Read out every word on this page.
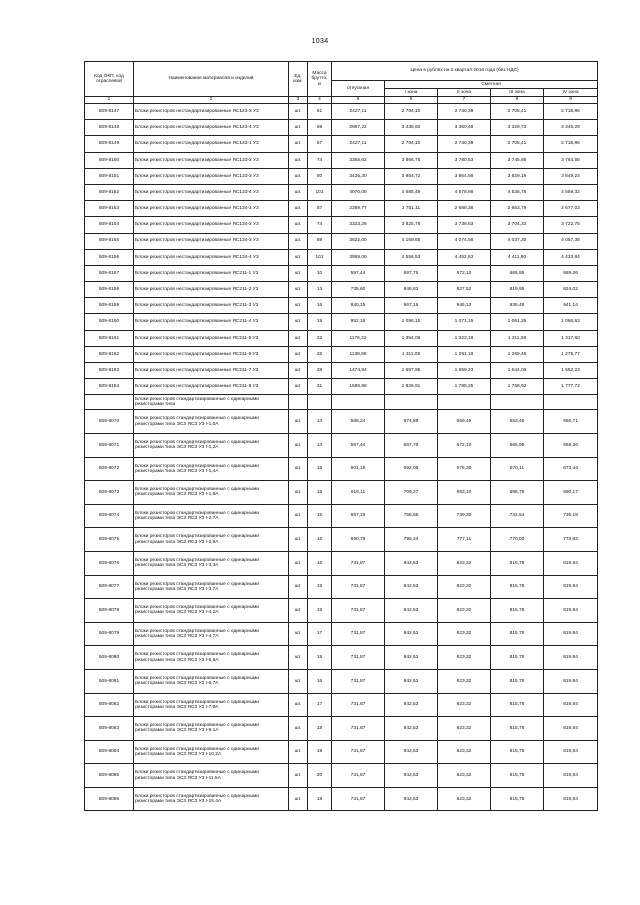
1034
Код ОКП, код отраслевой	Наименование материалов и изделий	Ед. изм.	Масса брутто, кг	Цена в рублях на 1 квартал 2016 года (без НДС)				
				отпускная	Сметная			
					I зона	II зона	III зона	IV зона
1	2	3	4	5	6	7	8	9
509-8147	Блоки резисторов нестандартизированные ЯС123-3 У3	шт.	61	2427,11	2 794,10	2 730,39	2 705,41	2 718,86
509-8148	Блоки резисторов нестандартизированные ЯС123-4 У3	шт.	69	2967,22	3 438,60	3 360,48	3 329,73	3 346,29
509-8149	Блоки резисторов нестандартизированные ЯС133-1 У3	шт.	57	2427,11	2 794,10	2 730,39	2 705,41	2 718,86
509-8150	Блоки резисторов нестандартизированные ЯС133-2 У3	шт.	74	3365,62	3 866,75	3 780,53	3 745,95	3 764,58
509-8151	Блоки резисторов нестандартизированные ЯС133-3 У3	шт.	80	3435,30	3 954,72	3 864,66	3 829,19	3 849,24
509-8152	Блоки резисторов нестандартизированные ЯС133-4 У3	шт.	101	4070,08	4 685,49	4 578,66	4 536,76	4 559,32
509-8153	Блоки резисторов нестандартизированные ЯС134-1 У3	шт.	57	2389,77	2 751,11	2 688,38	2 663,79	2 677,03
509-8154	Блоки резисторов нестандартизированные ЯС134-2 У3	шт.	74	3323,26	3 825,78	3 738,53	3 704,33	3 722,75
509-8155	Блоки резисторов нестандартизированные ЯС134-3 У3	шт.	88	3622,00	4 169,65	4 074,58	4 037,30	4 057,38
509-8156	Блоки резисторов нестандартизированные ЯС134-4 У3	шт.	101	3959,06	4 556,53	4 452,63	4 411,90	4 433,84
509-8157	Блоки резисторов нестандартизированные ЯС211-1 У3	шт.	10	597,44	687,76	672,10	665,95	669,26
509-8158	Блоки резисторов нестандартизированные ЯС211-2 У3	шт.	13	735,60	846,83	827,52	819,95	824,02
509-8159	Блоки резисторов нестандартизированные ЯС211-3 У3	шт.	16	840,15	967,19	945,13	936,49	941,14
509-8160	Блоки резисторов нестандартизированные ЯС211-4 У3	шт.	19	952,16	1 096,15	1 071,15	1 061,35	1 066,63
509-8161	Блоки резисторов нестандартизированные ЯС211-5 У3	шт.	22	1176,22	1 354,06	1 323,19	1 311,08	1 317,60
509-8162	Блоки резисторов нестандартизированные ЯС211-6 У3	шт.	25	1138,88	1 311,08	1 281,18	1 269,46	1 275,77
509-8163	Блоки резисторов нестандартизированные ЯС211-7 У3	шт.	28	1474,94	1 697,95	1 659,23	1 644,06	1 652,23
509-8164	Блоки резисторов нестандартизированные ЯС211-8 У3	шт.	31	1586,98	1 826,91	1 785,25	1 768,92	1 777,72
	Блоки резисторов стандартизированные с одинарными резисторами типа							
509-8070	Блоки резисторов стандартизированные с одинарными резисторами типа ЭСЗ ЯСЗ У3 I-1,0A	шт.	14	586,24	674,88	659,49	653,45	656,71
509-8071	Блоки резисторов стандартизированные с одинарными резисторами типа ЭСЗ ЯСЗ У3 I-1,2A	шт.	14	597,44	687,76	672,10	665,95	669,26
509-8072	Блоки резисторов стандартизированные с одинарными резисторами типа ЭСЗ ЯСЗ У3 I-1,4A	шт.	15	601,18	692,08	676,30	670,11	673,44
509-8073	Блоки резисторов стандартизированные с одинарными резисторами типа ЭСЗ ЯСЗ У3 I-1,8A	шт.	15	616,11	709,27	693,10	686,76	690,17
509-8074	Блоки резисторов стандартизированные с одинарными резисторами типа ЭСЗ ЯСЗ У3 I-2,7A	шт.	15	657,19	756,56	739,30	732,54	736,18
509-8075	Блоки резисторов стандартизированные с одинарными резисторами типа ЭСЗ ЯСЗ У3 I-2,9A	шт.	16	690,79	795,24	777,11	770,00	773,83
509-8076	Блоки резисторов стандартизированные с одинарными резисторами типа ЭСЗ ЯСЗ У3 I-3,3A	шт.	16	731,87	842,53	823,32	815,78	819,84
509-8077	Блоки резисторов стандартизированные с одинарными резисторами типа ЭСЗ ЯСЗ У3 I-3,7A	шт.	16	731,87	842,53	823,32	815,78	819,84
509-8078	Блоки резисторов стандартизированные с одинарными резисторами типа ЭСЗ ЯСЗ У3 I-4,2A	шт.	16	731,87	842,53	823,32	815,78	819,84
509-8079	Блоки резисторов стандартизированные с одинарными резисторами типа ЭСЗ ЯСЗ У3 I-4,7A	шт.	17	731,87	842,53	823,32	815,78	819,84
509-8080	Блоки резисторов стандартизированные с одинарными резисторами типа ЭСЗ ЯСЗ У3 I-5,8A	шт.	18	731,87	842,53	823,32	815,78	819,84
509-8081	Блоки резисторов стандартизированные с одинарными резисторами типа ЭСЗ ЯСЗ У3 I-6,7A	шт.	16	731,87	842,53	823,32	815,78	819,84
509-8082	Блоки резисторов стандартизированные с одинарными резисторами типа ЭСЗ ЯСЗ У3 I-7,9A	шт.	17	731,87	842,53	823,32	815,78	819,84
509-8083	Блоки резисторов стандартизированные с одинарными резисторами типа ЭСЗ ЯСЗ У3 I-9,1A	шт.	18	731,87	842,53	823,32	815,78	819,84
509-8084	Блоки резисторов стандартизированные с одинарными резисторами типа ЭСЗ ЯСЗ У3 I-10,2A	шт.	19	731,87	842,53	823,32	815,78	819,84
509-8085	Блоки резисторов стандартизированные с одинарными резисторами типа ЭСЗ ЯСЗ У3 I-11,5A	шт.	20	731,87	842,53	823,32	815,78	819,84
509-8086	Блоки резисторов стандартизированные с одинарными резисторами типа ЭСЗ ЯСЗ У3 I-15,4A	шт.	18	731,87	842,53	823,32	815,78	819,84
